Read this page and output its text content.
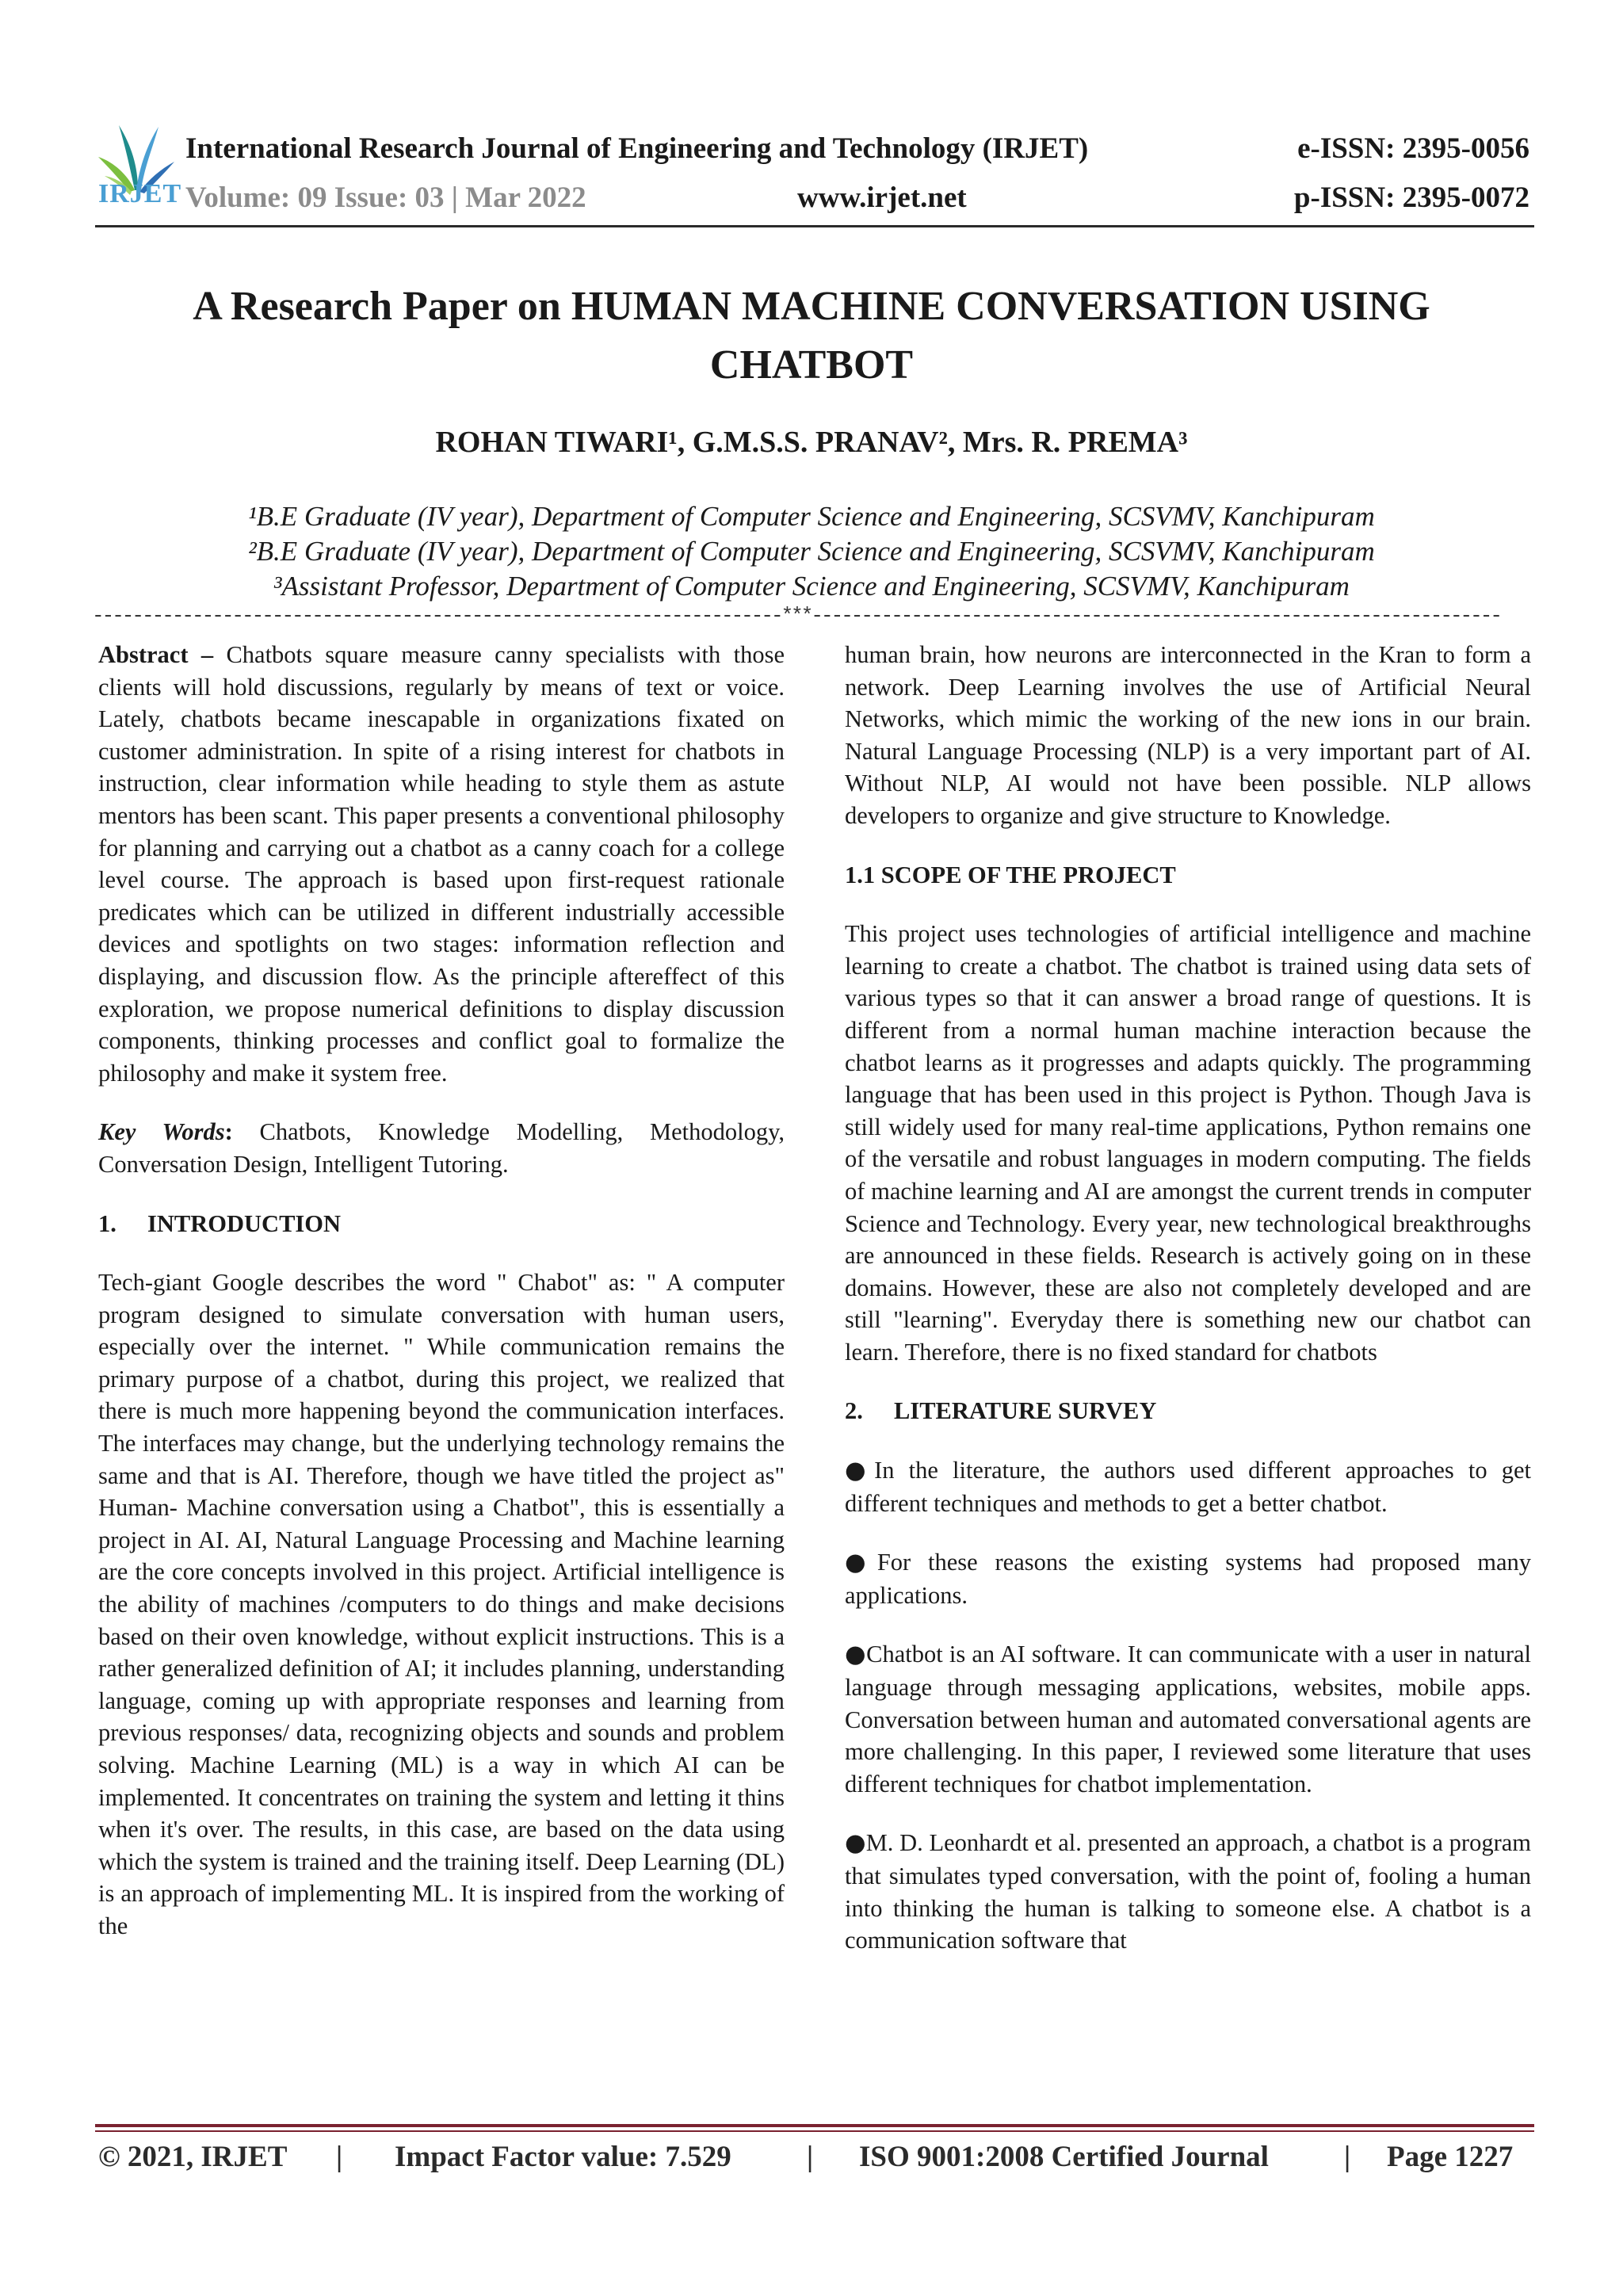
IRJET
International Research Journal of Engineering and Technology (IRJET)	e-ISSN: 2395-0056
Volume: 09 Issue: 03 | Mar 2022	www.irjet.net	p-ISSN: 2395-0072
A Research Paper on HUMAN MACHINE CONVERSATION USING
CHATBOT
ROHAN TIWARI¹, G.M.S.S. PRANAV², Mrs. R. PREMA³
¹B.E Graduate (IV year), Department of Computer Science and Engineering, SCSVMV, Kanchipuram
²B.E Graduate (IV year), Department of Computer Science and Engineering, SCSVMV, Kanchipuram
³Assistant Professor, Department of Computer Science and Engineering, SCSVMV, Kanchipuram
---------------------------------------------------------------------***---------------------------------------------------------------------

Abstract – Chatbots square measure canny specialists with those clients will hold discussions, regularly by means of text or voice. Lately, chatbots became inescapable in organizations fixated on customer administration. In spite of a rising interest for chatbots in instruction, clear information while heading to style them as astute mentors has been scant. This paper presents a conventional philosophy for planning and carrying out a chatbot as a canny coach for a college level course. The approach is based upon first-request rationale predicates which can be utilized in different industrially accessible devices and spotlights on two stages: information reflection and displaying, and discussion flow. As the principle aftereffect of this exploration, we propose numerical definitions to display discussion components, thinking processes and conflict goal to formalize the philosophy and make it system free.

Key Words: Chatbots, Knowledge Modelling, Methodology, Conversation Design, Intelligent Tutoring.

1. INTRODUCTION

Tech-giant Google describes the word " Chabot" as: " A computer program designed to simulate conversation with human users, especially over the internet. " While communication remains the primary purpose of a chatbot, during this project, we realized that there is much more happening beyond the communication interfaces. The interfaces may change, but the underlying technology remains the same and that is AI. Therefore, though we have titled the project as" Human- Machine conversation using a Chatbot", this is essentially a project in AI. AI, Natural Language Processing and Machine learning are the core concepts involved in this project. Artificial intelligence is the ability of machines /computers to do things and make decisions based on their oven knowledge, without explicit instructions. This is a rather generalized definition of AI; it includes planning, understanding language, coming up with appropriate responses and learning from previous responses/ data, recognizing objects and sounds and problem solving. Machine Learning (ML) is a way in which AI can be implemented. It concentrates on training the system and letting it thins when it's over. The results, in this case, are based on the data using which the system is trained and the training itself. Deep Learning (DL) is an approach of implementing ML. It is inspired from the working of the

human brain, how neurons are interconnected in the Kran to form a network. Deep Learning involves the use of Artificial Neural Networks, which mimic the working of the new ions in our brain. Natural Language Processing (NLP) is a very important part of AI. Without NLP, AI would not have been possible. NLP allows developers to organize and give structure to Knowledge.

1.1 SCOPE OF THE PROJECT

This project uses technologies of artificial intelligence and machine learning to create a chatbot. The chatbot is trained using data sets of various types so that it can answer a broad range of questions. It is different from a normal human machine interaction because the chatbot learns as it progresses and adapts quickly. The programming language that has been used in this project is Python. Though Java is still widely used for many real-time applications, Python remains one of the versatile and robust languages in modern computing. The fields of machine learning and AI are amongst the current trends in computer Science and Technology. Every year, new technological breakthroughs are announced in these fields. Research is actively going on in these domains. However, these are also not completely developed and are still "learning". Everyday there is something new our chatbot can learn. Therefore, there is no fixed standard for chatbots

2. LITERATURE SURVEY

●In the literature, the authors used different approaches to get different techniques and methods to get a better chatbot.

●For these reasons the existing systems had proposed many applications.

●Chatbot is an AI software. It can communicate with a user in natural language through messaging applications, websites, mobile apps. Conversation between human and automated conversational agents are more challenging. In this paper, I reviewed some literature that uses different techniques for chatbot implementation.

●M. D. Leonhardt et al. presented an approach, a chatbot is a program that simulates typed conversation, with the point of, fooling a human into thinking the human is talking to someone else. A chatbot is a communication software that

© 2021, IRJET | Impact Factor value: 7.529	| ISO 9001:2008 Certified Journal	| Page 1227
